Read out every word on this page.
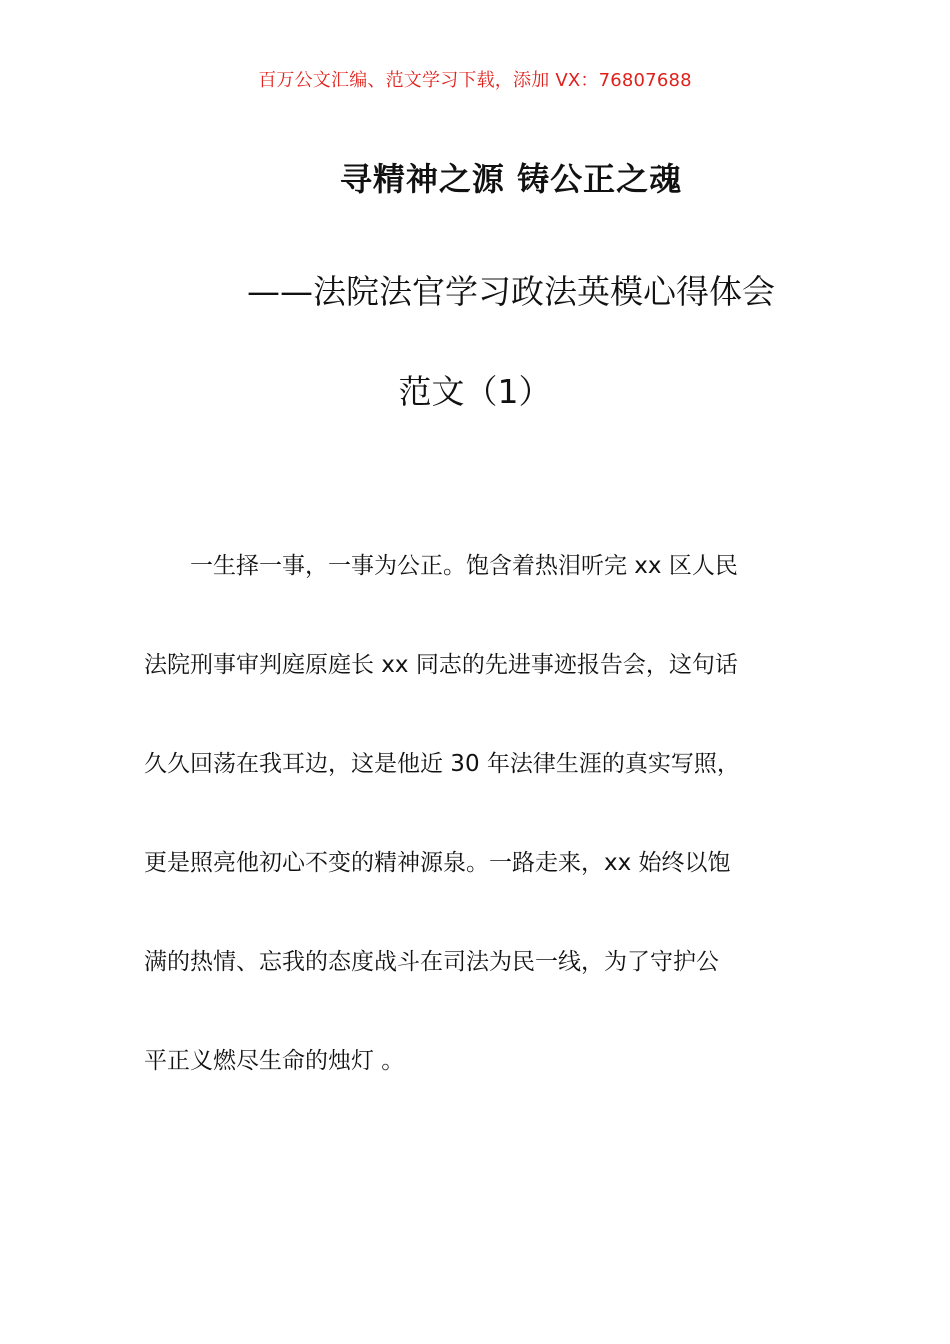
百万公文汇编、范文学习下载，添加 VX：76807688
寻精神之源 铸公正之魂
——法院法官学习政法英模心得体会
范文（1）
　　一生择一事，一事为公正。饱含着热泪听完 xx 区人民
法院刑事审判庭原庭长 xx 同志的先进事迹报告会，这句话
久久回荡在我耳边，这是他近 30 年法律生涯的真实写照，
更是照亮他初心不变的精神源泉。一路走来，xx 始终以饱
满的热情、忘我的态度战斗在司法为民一线，为了守护公
平正义燃尽生命的烛灯 。
